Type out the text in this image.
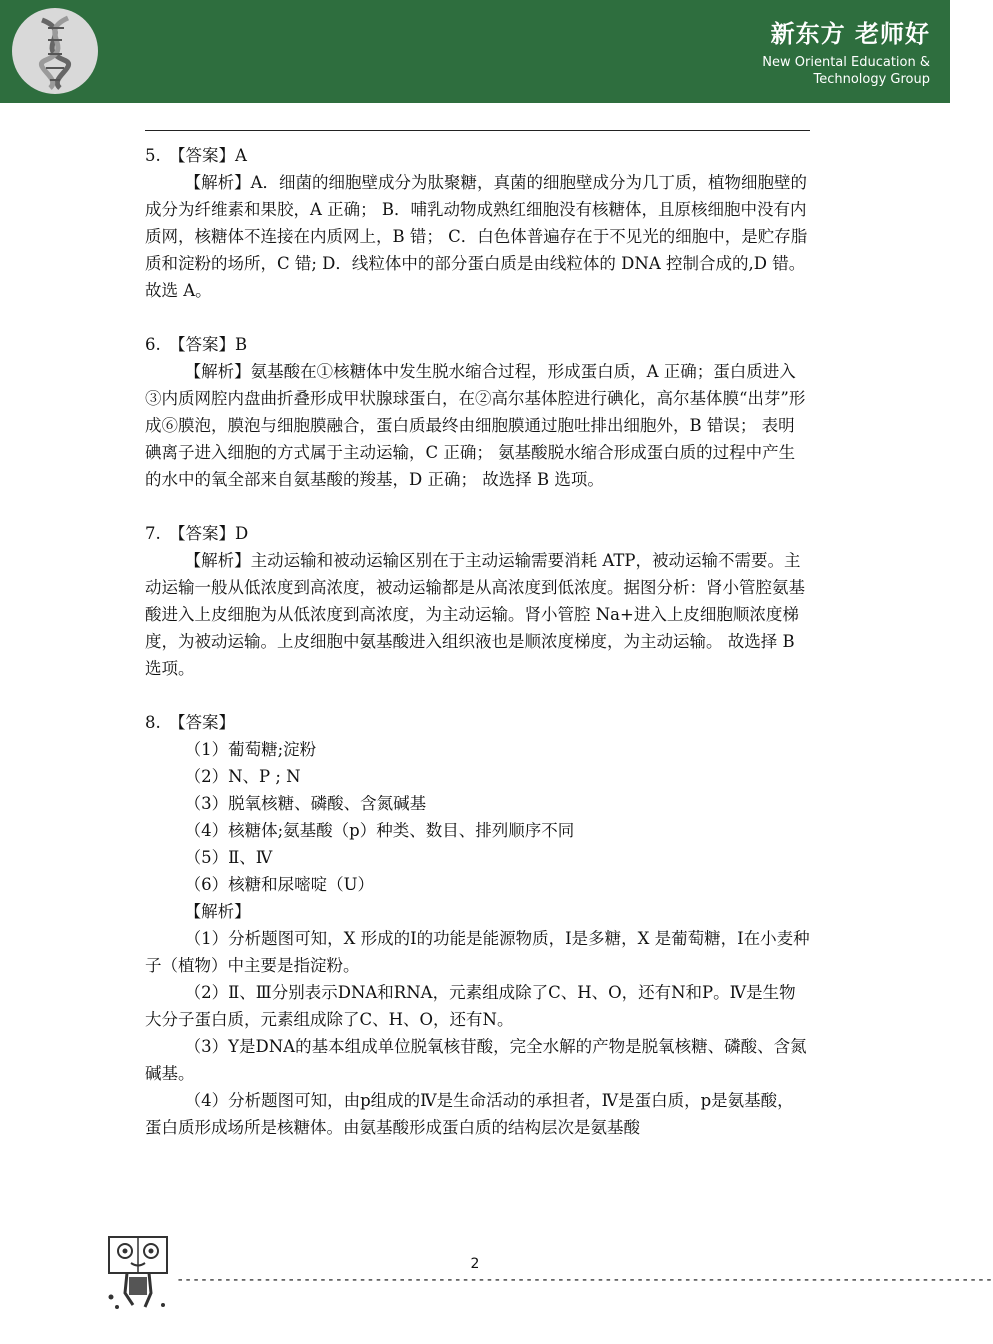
新东方 老师好
New Oriental Education &
Technology Group

5.　【答案】A

【解析】A．细菌的细胞壁成分为肽聚糖，真菌的细胞壁成分为几丁质，植物细胞壁的成分为纤维素和果胶，A 正确； B．哺乳动物成熟红细胞没有核糖体，且原核细胞中没有内质网，核糖体不连接在内质网上，B 错； C．白色体普遍存在于不见光的细胞中，是贮存脂质和淀粉的场所，C 错; D．线粒体中的部分蛋白质是由线粒体的 DNA 控制合成的,D 错。 故选 A。

6.　【答案】B

【解析】氨基酸在①核糖体中发生脱水缩合过程，形成蛋白质，A 正确；蛋白质进入③内质网腔内盘曲折叠形成甲状腺球蛋白，在②高尔基体腔进行碘化，高尔基体膜“出芽”形成⑥膜泡，膜泡与细胞膜融合，蛋白质最终由细胞膜通过胞吐排出细胞外，B 错误； 表明碘离子进入细胞的方式属于主动运输，C 正确； 氨基酸脱水缩合形成蛋白质的过程中产生的水中的氧全部来自氨基酸的羧基，D 正确； 故选择 B 选项。

7.　【答案】D

【解析】主动运输和被动运输区别在于主动运输需要消耗 ATP，被动运输不需要。主动运输一般从低浓度到高浓度，被动运输都是从高浓度到低浓度。据图分析：肾小管腔氨基酸进入上皮细胞为从低浓度到高浓度，为主动运输。肾小管腔 Na+进入上皮细胞顺浓度梯度，为被动运输。上皮细胞中氨基酸进入组织液也是顺浓度梯度，为主动运输。 故选择 B 选项。

8.　【答案】

（1）葡萄糖;淀粉

（2）N、P ; N

（3）脱氧核糖、磷酸、含氮碱基

（4）核糖体;氨基酸（p）种类、数目、排列顺序不同

（5）Ⅱ、Ⅳ

（6）核糖和尿嘧啶（U）

【解析】

（1）分析题图可知，X 形成的Ⅰ的功能是能源物质，Ⅰ是多糖，X 是葡萄糖，Ⅰ在小麦种子（植物）中主要是指淀粉。

（2）Ⅱ、Ⅲ分别表示DNA和RNA，元素组成除了C、H、O，还有N和P。Ⅳ是生物大分子蛋白质，元素组成除了C、H、O，还有N。

（3）Y是DNA的基本组成单位脱氧核苷酸，完全水解的产物是脱氧核糖、磷酸、含氮碱基。

（4）分析题图可知，由p组成的Ⅳ是生命活动的承担者，Ⅳ是蛋白质，p是氨基酸，蛋白质形成场所是核糖体。由氨基酸形成蛋白质的结构层次是氨基酸

2
-------------------------------------------------------------------------------------------------------
